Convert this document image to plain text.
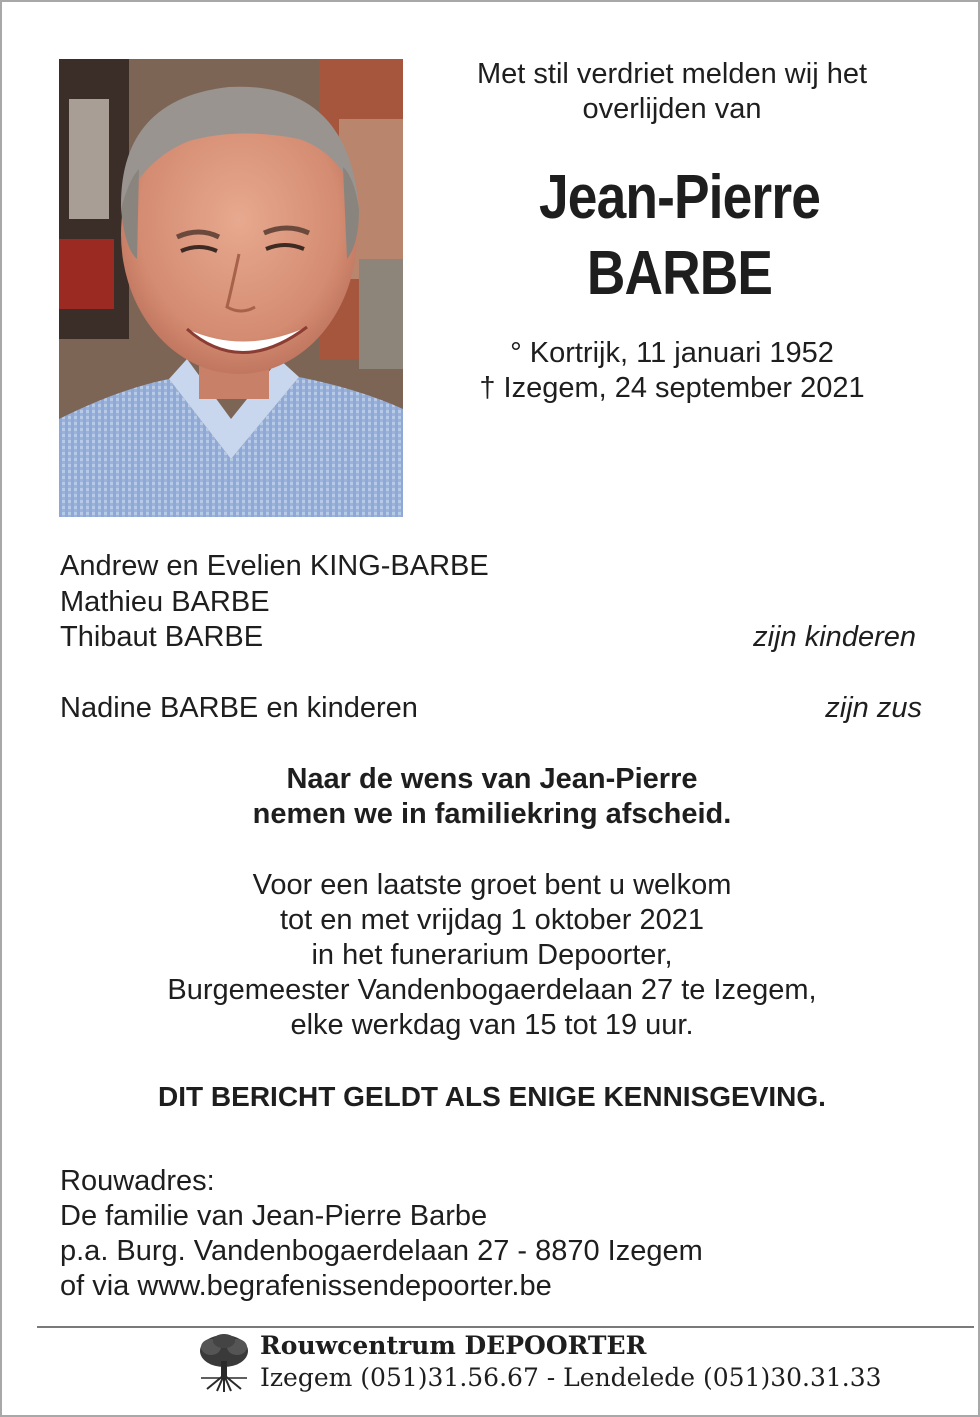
Met stil verdriet melden wij het
overlijden van
Jean-Pierre
BARBE
° Kortrijk, 11 januari 1952
† Izegem, 24 september 2021
Andrew en Evelien KING-BARBE
Mathieu BARBE
Thibaut BARBE	zijn kinderen
Nadine BARBE en kinderen	zijn zus
Naar de wens van Jean-Pierre
nemen we in familiekring afscheid.
Voor een laatste groet bent u welkom
tot en met vrijdag 1 oktober 2021
in het funerarium Depoorter,
Burgemeester Vandenbogaerdelaan 27 te Izegem,
elke werkdag van 15 tot 19 uur.
DIT BERICHT GELDT ALS ENIGE KENNISGEVING.
Rouwadres:
De familie van Jean-Pierre Barbe
p.a. Burg. Vandenbogaerdelaan 27 - 8870 Izegem
of via www.begrafenissendepoorter.be
Rouwcentrum DEPOORTER
Izegem (051)31.56.67 - Lendelede (051)30.31.33
